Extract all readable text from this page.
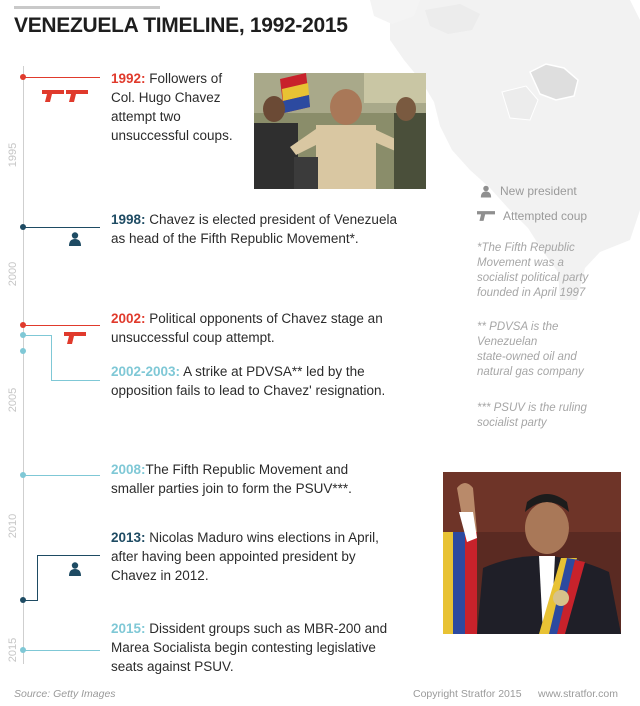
VENEZUELA TIMELINE, 1992-2015
1995
2000
2005
2010
2015
1992: Followers of
Col. Hugo Chavez
attempt two
unsuccessful coups.
1998: Chavez is elected president of Venezuela
as head of the Fifth Republic Movement*.
2002: Political opponents of Chavez stage an
unsuccessful coup attempt.
2002-2003: A strike at PDVSA** led by the
opposition fails to lead to Chavez' resignation.
New president
Attempted coup
*The Fifth Republic
Movement was a
socialist political party
founded in April 1997
** PDVSA is the
Venezuelan
state-owned oil and
natural gas company
*** PSUV is the ruling
socialist party
2008:The Fifth Republic Movement and
smaller parties join to form the PSUV***.
2013: Nicolas Maduro wins elections in April,
after having been appointed president by
Chavez in 2012.
2015: Dissident groups such as MBR-200 and
Marea Socialista begin contesting legislative
seats against PSUV.
Source: Getty Images	Copyright Stratfor 2015 www.stratfor.com
